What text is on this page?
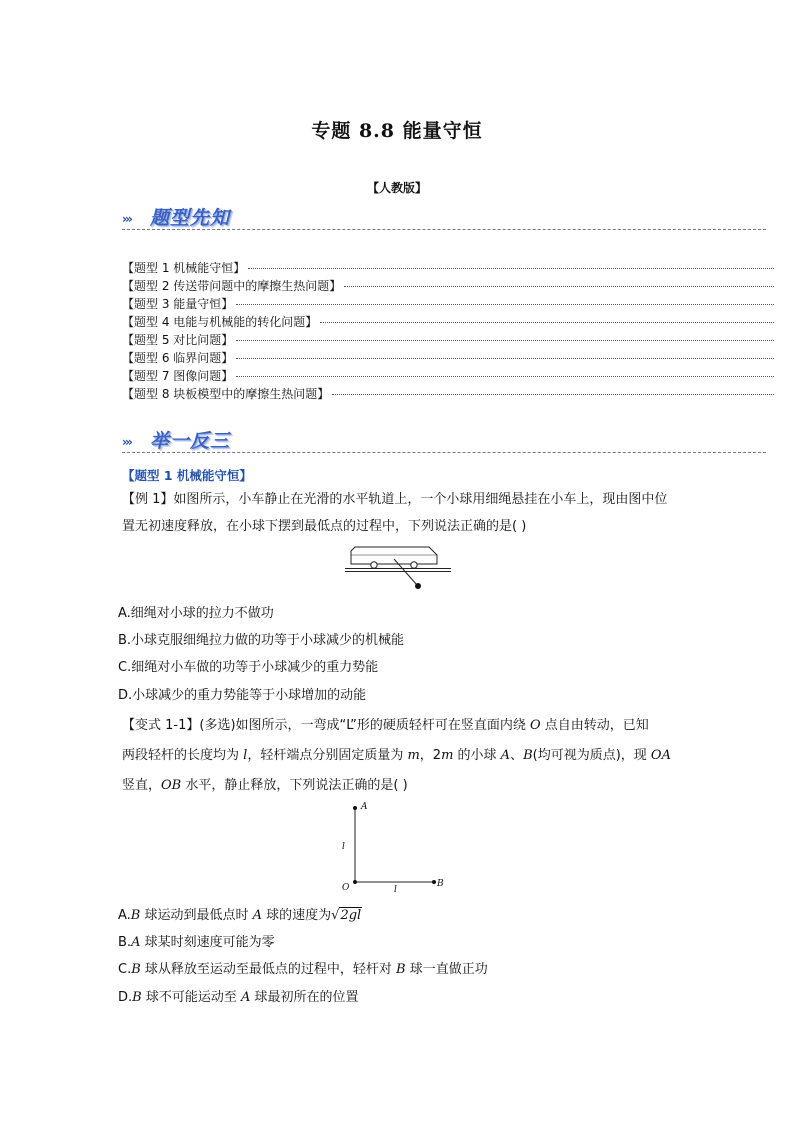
专题 8.8 能量守恒
【人教版】
››› 题型先知
【题型 1 机械能守恒】
【题型 2 传送带问题中的摩擦生热问题】
【题型 3 能量守恒】
【题型 4 电能与机械能的转化问题】
【题型 5 对比问题】
【题型 6 临界问题】
【题型 7 图像问题】
【题型 8 块板模型中的摩擦生热问题】
››› 举一反三
【题型 1 机械能守恒】
【例 1】如图所示，小车静止在光滑的水平轨道上，一个小球用细绳悬挂在小车上，现由图中位置无初速度释放，在小球下摆到最低点的过程中，下列说法正确的是( )
A.细绳对小球的拉力不做功
B.小球克服细绳拉力做的功等于小球减少的机械能
C.细绳对小车做的功等于小球减少的重力势能
D.小球减少的重力势能等于小球增加的动能
【变式 1-1】(多选)如图所示，一弯成“L”形的硬质轻杆可在竖直面内绕 O 点自由转动，已知
两段轻杆的长度均为 l，轻杆端点分别固定质量为 m，2m 的小球 A、B(均可视为质点)，现 OA
竖直，OB 水平，静止释放，下列说法正确的是( )
A
O	B
l
l
A.B 球运动到最低点时 A 球的速度为√2gl
B.A 球某时刻速度可能为零
C.B 球从释放至运动至最低点的过程中，轻杆对 B 球一直做正功
D.B 球不可能运动至 A 球最初所在的位置
